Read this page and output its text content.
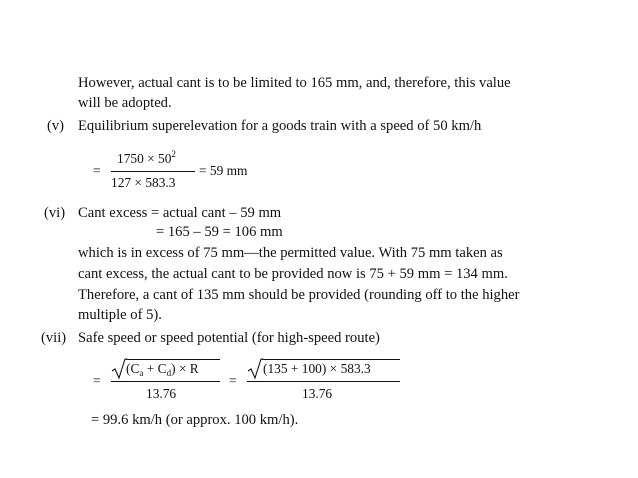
However, actual cant is to be limited to 165 mm, and, therefore, this value
will be adopted.
(v) Equilibrium superelevation for a goods train with a speed of 50 km/h
=
$1750 \times 50^2$
127 × 583.3
= 59 mm
(vi) Cant excess = actual cant – 59 mm
= 165 – 59 = 106 mm
which is in excess of 75 mm—the permitted value. With 75 mm taken as
cant excess, the actual cant to be provided now is 75 + 59 mm = 134 mm.
Therefore, a cant of 135 mm should be provided (rounding off to the higher
multiple of 5).
(vii) Safe speed or speed potential (for high-speed route)
=
$(C_a + C_d) \times R$
13.76
=
(135 + 100) × 583.3
13.76
= 99.6 km/h (or approx. 100 km/h).
